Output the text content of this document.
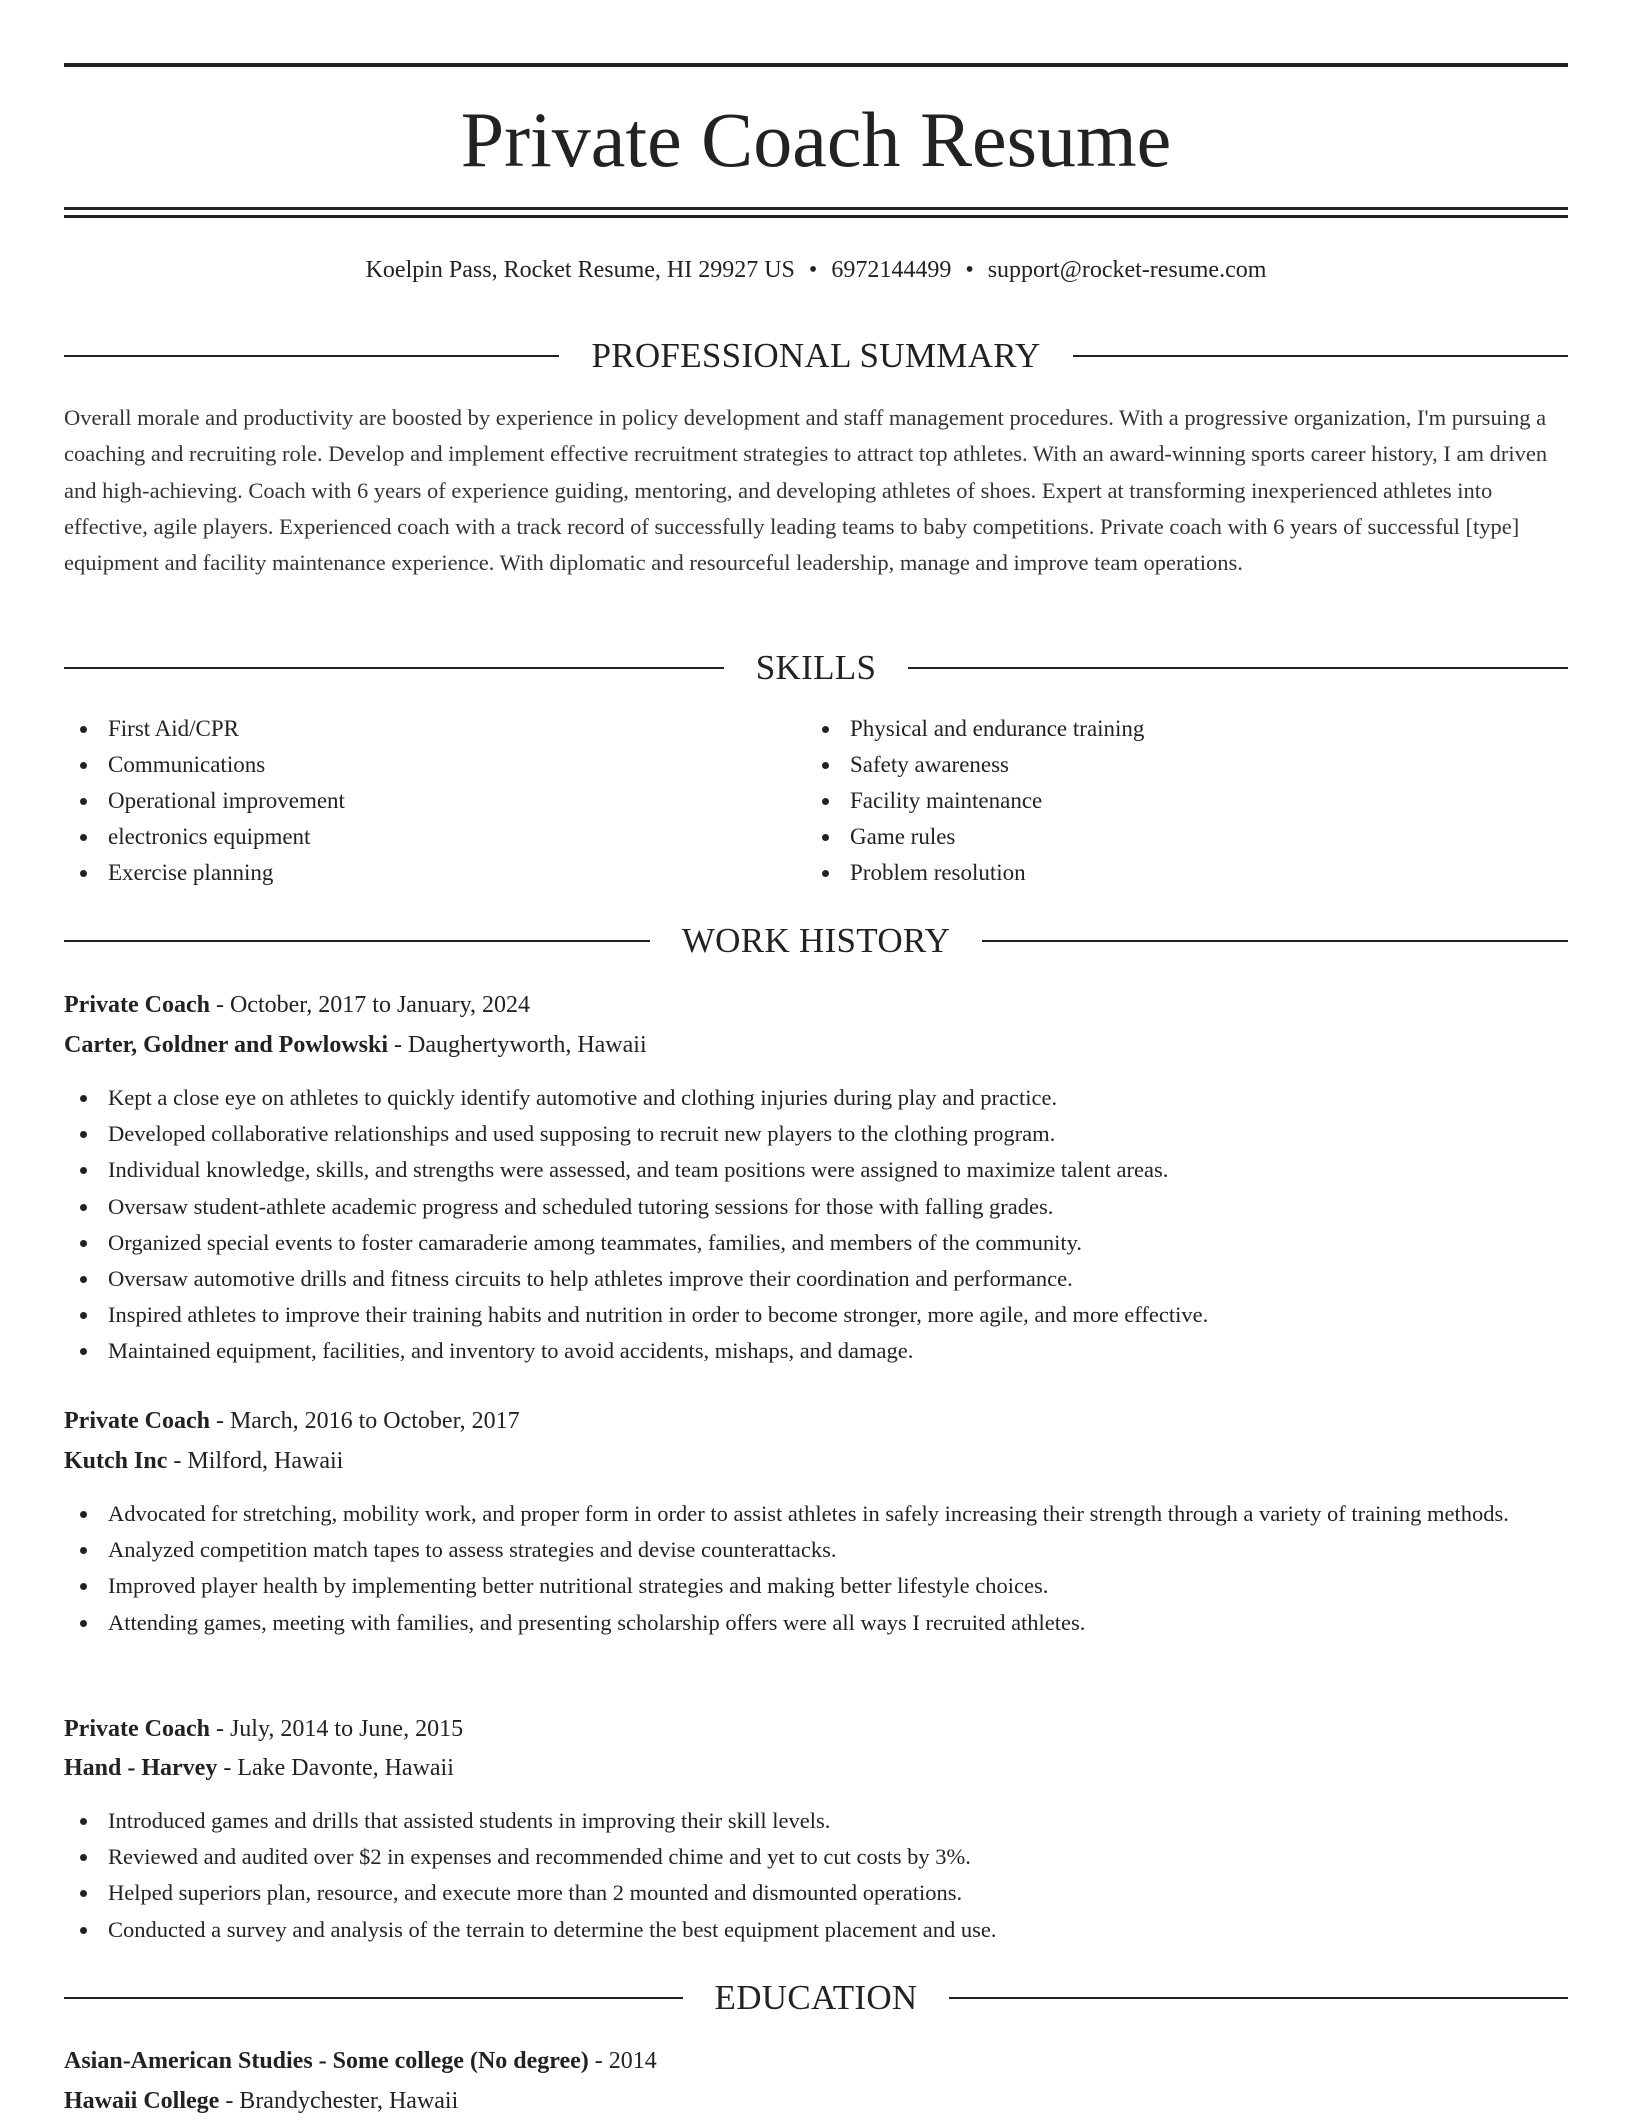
Private Coach Resume
Koelpin Pass, Rocket Resume, HI 29927 US • 6972144499 • support@rocket-resume.com
PROFESSIONAL SUMMARY
Overall morale and productivity are boosted by experience in policy development and staff management procedures. With a progressive organization, I'm pursuing a coaching and recruiting role. Develop and implement effective recruitment strategies to attract top athletes. With an award-winning sports career history, I am driven and high-achieving. Coach with 6 years of experience guiding, mentoring, and developing athletes of shoes. Expert at transforming inexperienced athletes into effective, agile players. Experienced coach with a track record of successfully leading teams to baby competitions. Private coach with 6 years of successful [type] equipment and facility maintenance experience. With diplomatic and resourceful leadership, manage and improve team operations.
SKILLS
First Aid/CPR
Communications
Operational improvement
electronics equipment
Exercise planning
Physical and endurance training
Safety awareness
Facility maintenance
Game rules
Problem resolution
WORK HISTORY
Private Coach - October, 2017 to January, 2024
Carter, Goldner and Powlowski - Daughertyworth, Hawaii
Kept a close eye on athletes to quickly identify automotive and clothing injuries during play and practice.
Developed collaborative relationships and used supposing to recruit new players to the clothing program.
Individual knowledge, skills, and strengths were assessed, and team positions were assigned to maximize talent areas.
Oversaw student-athlete academic progress and scheduled tutoring sessions for those with falling grades.
Organized special events to foster camaraderie among teammates, families, and members of the community.
Oversaw automotive drills and fitness circuits to help athletes improve their coordination and performance.
Inspired athletes to improve their training habits and nutrition in order to become stronger, more agile, and more effective.
Maintained equipment, facilities, and inventory to avoid accidents, mishaps, and damage.
Private Coach - March, 2016 to October, 2017
Kutch Inc - Milford, Hawaii
Advocated for stretching, mobility work, and proper form in order to assist athletes in safely increasing their strength through a variety of training methods.
Analyzed competition match tapes to assess strategies and devise counterattacks.
Improved player health by implementing better nutritional strategies and making better lifestyle choices.
Attending games, meeting with families, and presenting scholarship offers were all ways I recruited athletes.
Private Coach - July, 2014 to June, 2015
Hand - Harvey - Lake Davonte, Hawaii
Introduced games and drills that assisted students in improving their skill levels.
Reviewed and audited over $2 in expenses and recommended chime and yet to cut costs by 3%.
Helped superiors plan, resource, and execute more than 2 mounted and dismounted operations.
Conducted a survey and analysis of the terrain to determine the best equipment placement and use.
EDUCATION
Asian-American Studies - Some college (No degree) - 2014
Hawaii College - Brandychester, Hawaii
